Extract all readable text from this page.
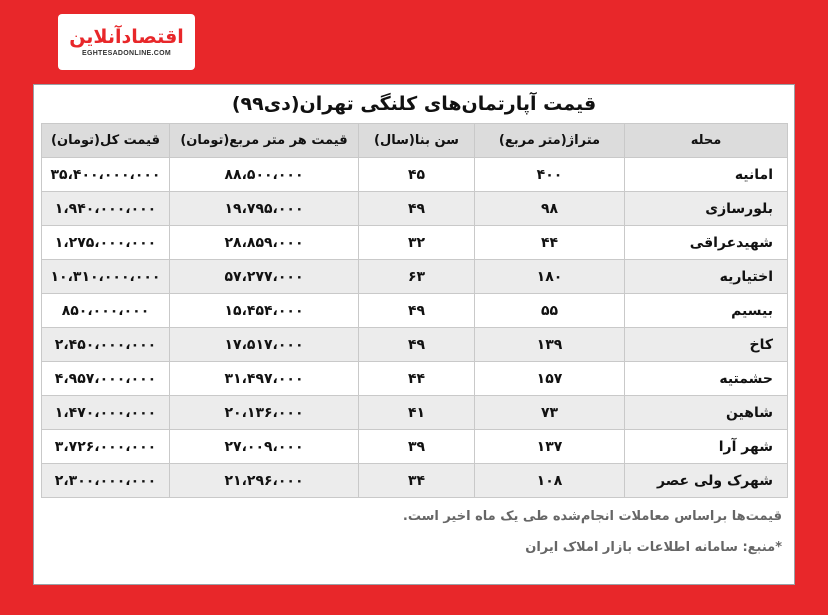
اقتصادآنلاین
EGHTESADONLINE.COM
قیمت آپارتمان‌های کلنگی تهران(دی۹۹)
محله	متراژ(متر مربع)	سن بنا(سال)	قیمت هر متر مربع(تومان)	قیمت کل(تومان)
امانیه	۴۰۰	۴۵	۸۸،۵۰۰،۰۰۰	۳۵،۴۰۰،۰۰۰،۰۰۰
بلورسازی	۹۸	۴۹	۱۹،۷۹۵،۰۰۰	۱،۹۴۰،۰۰۰،۰۰۰
شهیدعراقی	۴۴	۳۲	۲۸،۸۵۹،۰۰۰	۱،۲۷۵،۰۰۰،۰۰۰
اختیاریه	۱۸۰	۶۳	۵۷،۲۷۷،۰۰۰	۱۰،۳۱۰،۰۰۰،۰۰۰
بیسیم	۵۵	۴۹	۱۵،۴۵۴،۰۰۰	۸۵۰،۰۰۰،۰۰۰
کاخ	۱۳۹	۴۹	۱۷،۵۱۷،۰۰۰	۲،۴۵۰،۰۰۰،۰۰۰
حشمتیه	۱۵۷	۴۴	۳۱،۴۹۷،۰۰۰	۴،۹۵۷،۰۰۰،۰۰۰
شاهین	۷۳	۴۱	۲۰،۱۳۶،۰۰۰	۱،۴۷۰،۰۰۰،۰۰۰
شهر آرا	۱۳۷	۳۹	۲۷،۰۰۹،۰۰۰	۳،۷۲۶،۰۰۰،۰۰۰
شهرک ولی عصر	۱۰۸	۳۴	۲۱،۲۹۶،۰۰۰	۲،۳۰۰،۰۰۰،۰۰۰
قیمت‌ها براساس معاملات انجام‌شده طی یک ماه اخیر است.
*منبع: سامانه اطلاعات بازار املاک ایران
